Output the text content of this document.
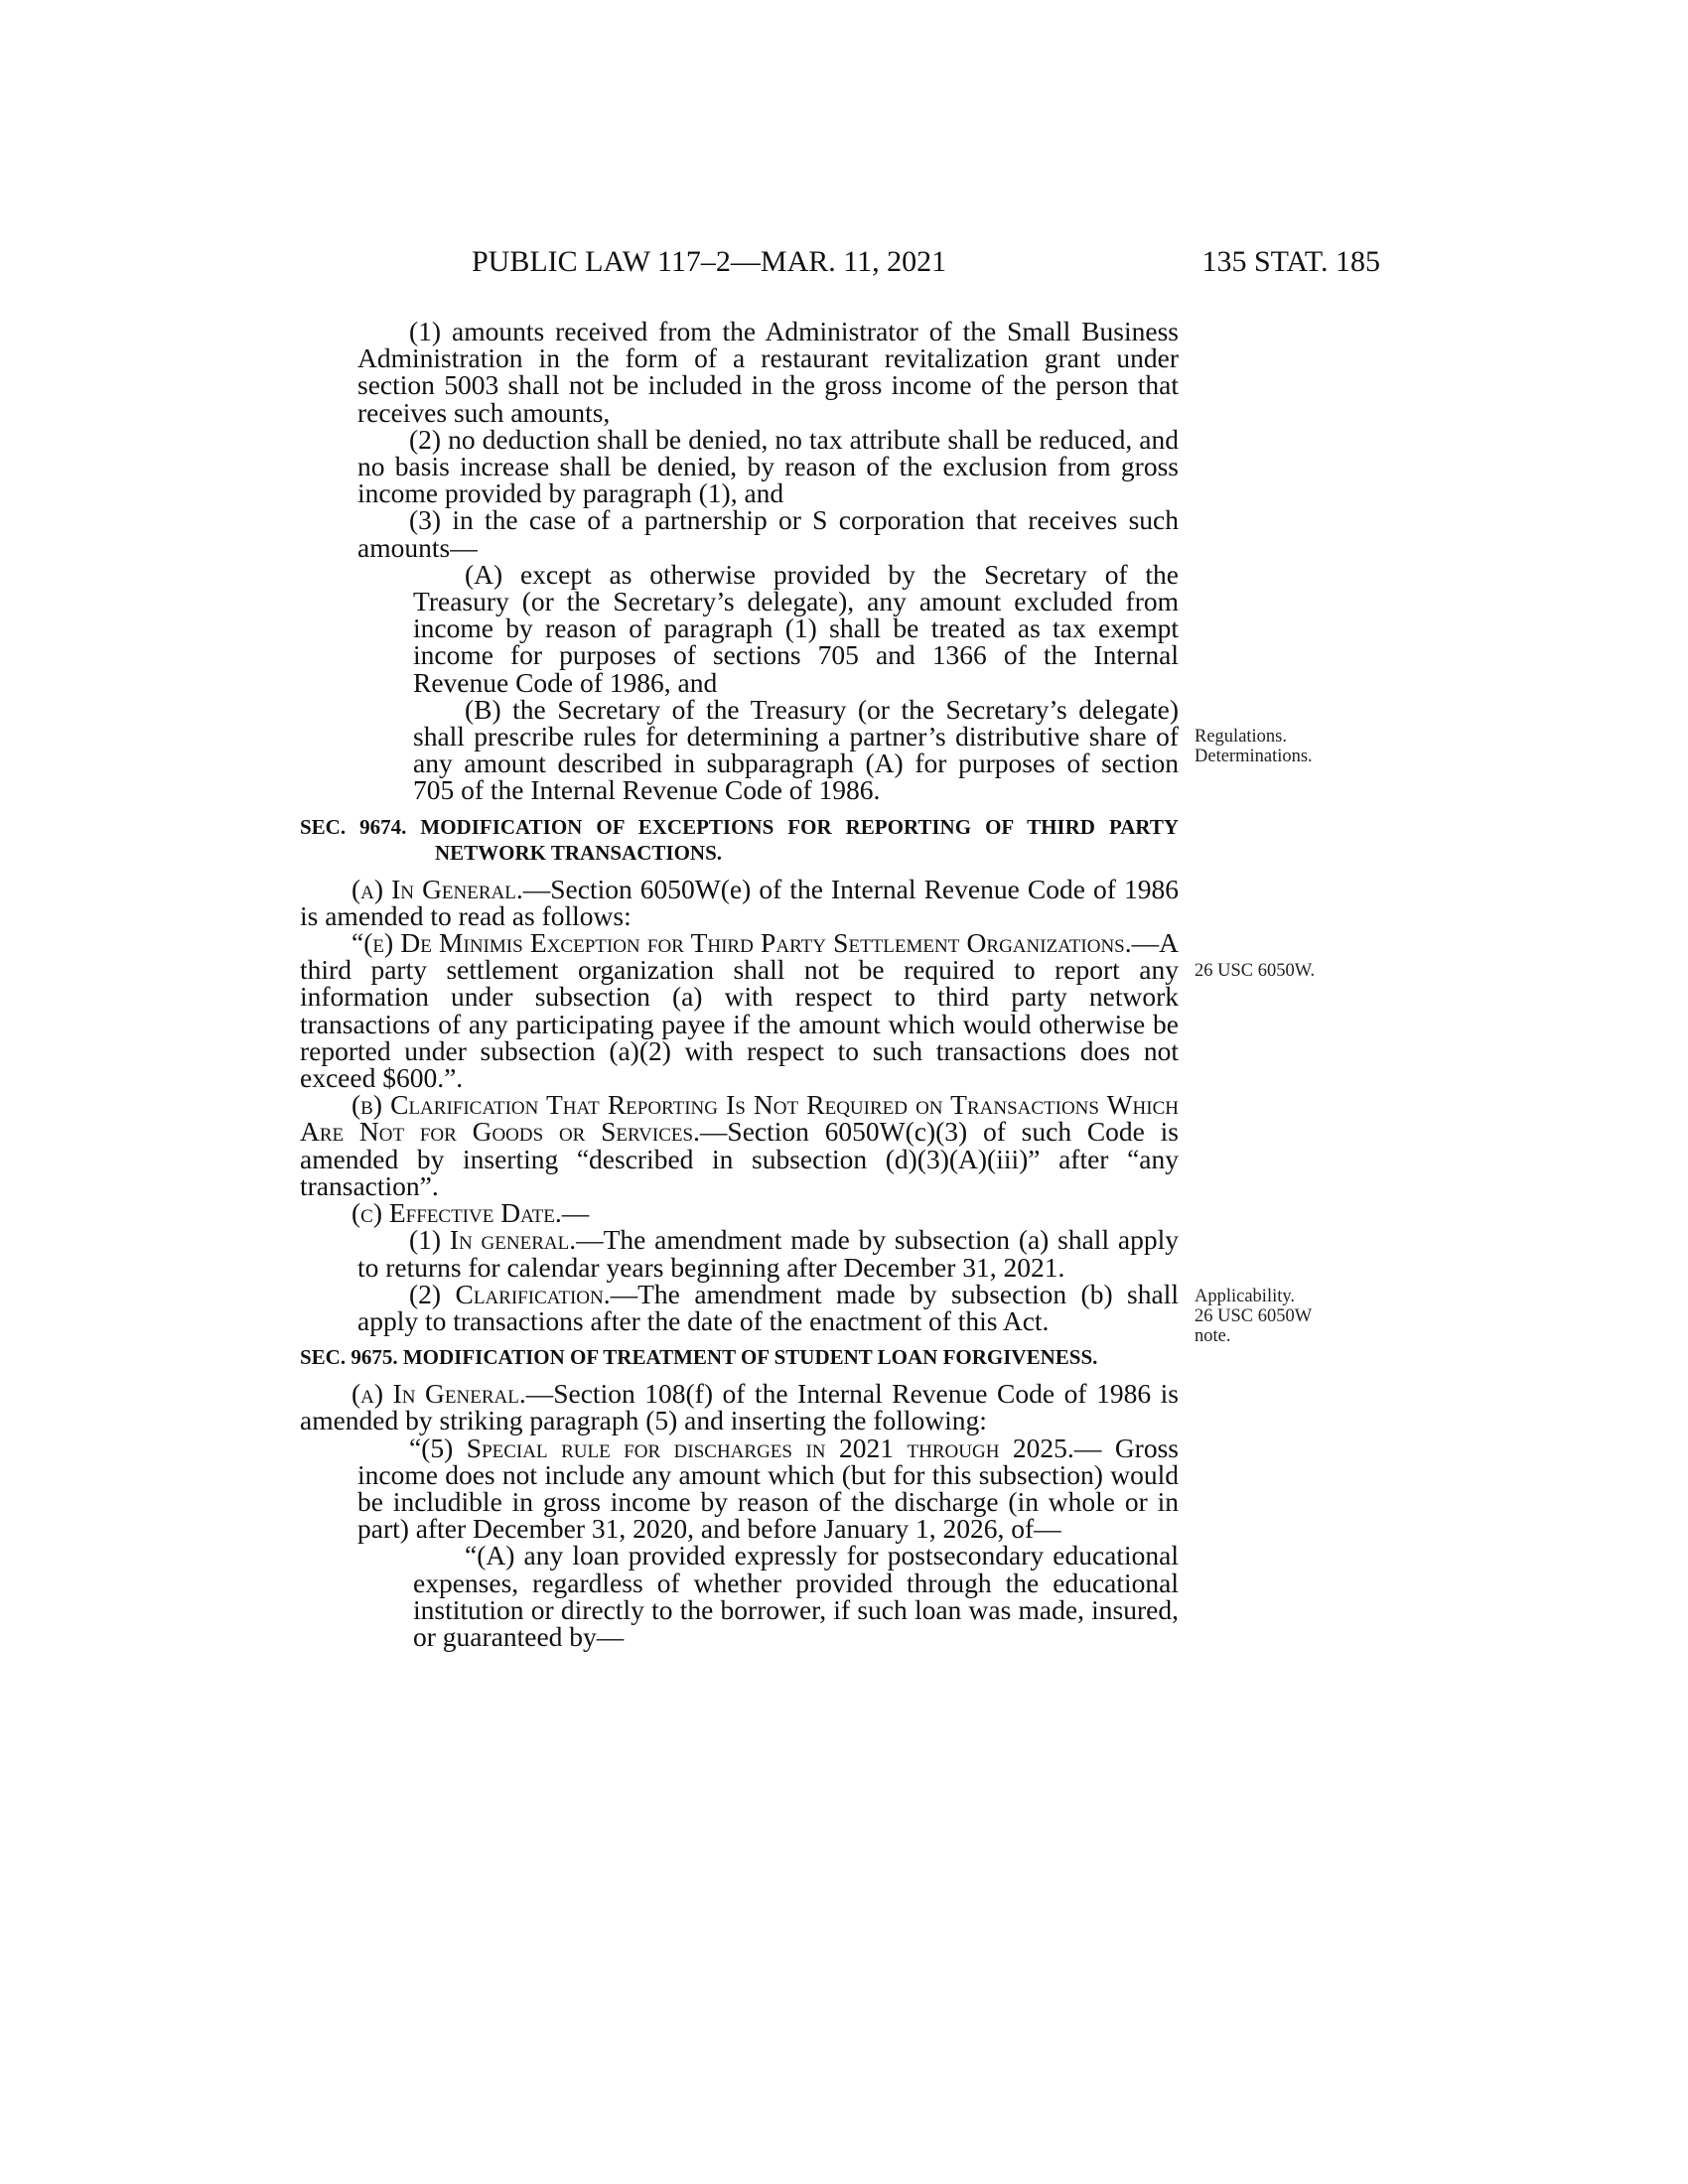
PUBLIC LAW 117–2—MAR. 11, 2021	135 STAT. 185

(1) amounts received from the Administrator of the Small Business Administration in the form of a restaurant revitalization grant under section 5003 shall not be included in the gross income of the person that receives such amounts,

(2) no deduction shall be denied, no tax attribute shall be reduced, and no basis increase shall be denied, by reason of the exclusion from gross income provided by paragraph (1), and

(3) in the case of a partnership or S corporation that receives such amounts—

(A) except as otherwise provided by the Secretary of the Treasury (or the Secretary’s delegate), any amount excluded from income by reason of paragraph (1) shall be treated as tax exempt income for purposes of sections 705 and 1366 of the Internal Revenue Code of 1986, and

(B) the Secretary of the Treasury (or the Secretary’s delegate) shall prescribe rules for determining a partner’s distributive share of any amount described in subparagraph (A) for purposes of section 705 of the Internal Revenue Code of 1986.

SEC. 9674. MODIFICATION OF EXCEPTIONS FOR REPORTING OF THIRD PARTY NETWORK TRANSACTIONS.

(a) In General.—Section 6050W(e) of the Internal Revenue Code of 1986 is amended to read as follows:

“(e) De Minimis Exception for Third Party Settlement Organizations.—A third party settlement organization shall not be required to report any information under subsection (a) with respect to third party network transactions of any participating payee if the amount which would otherwise be reported under subsection (a)(2) with respect to such transactions does not exceed $600.”.

(b) Clarification That Reporting Is Not Required on Transactions Which Are Not for Goods or Services.—Section 6050W(c)(3) of such Code is amended by inserting “described in subsection (d)(3)(A)(iii)” after “any transaction”.

(c) Effective Date.—

(1) In general.—The amendment made by subsection (a) shall apply to returns for calendar years beginning after December 31, 2021.

(2) Clarification.—The amendment made by subsection (b) shall apply to transactions after the date of the enactment of this Act.

SEC. 9675. MODIFICATION OF TREATMENT OF STUDENT LOAN FORGIVENESS.

(a) In General.—Section 108(f) of the Internal Revenue Code of 1986 is amended by striking paragraph (5) and inserting the following:

“(5) Special rule for discharges in 2021 through 2025.— Gross income does not include any amount which (but for this subsection) would be includible in gross income by reason of the discharge (in whole or in part) after December 31, 2020, and before January 1, 2026, of—

“(A) any loan provided expressly for postsecondary educational expenses, regardless of whether provided through the educational institution or directly to the borrower, if such loan was made, insured, or guaranteed by—

Regulations.
Determinations.
26 USC 6050W.
Applicability.
26 USC 6050W
note.
